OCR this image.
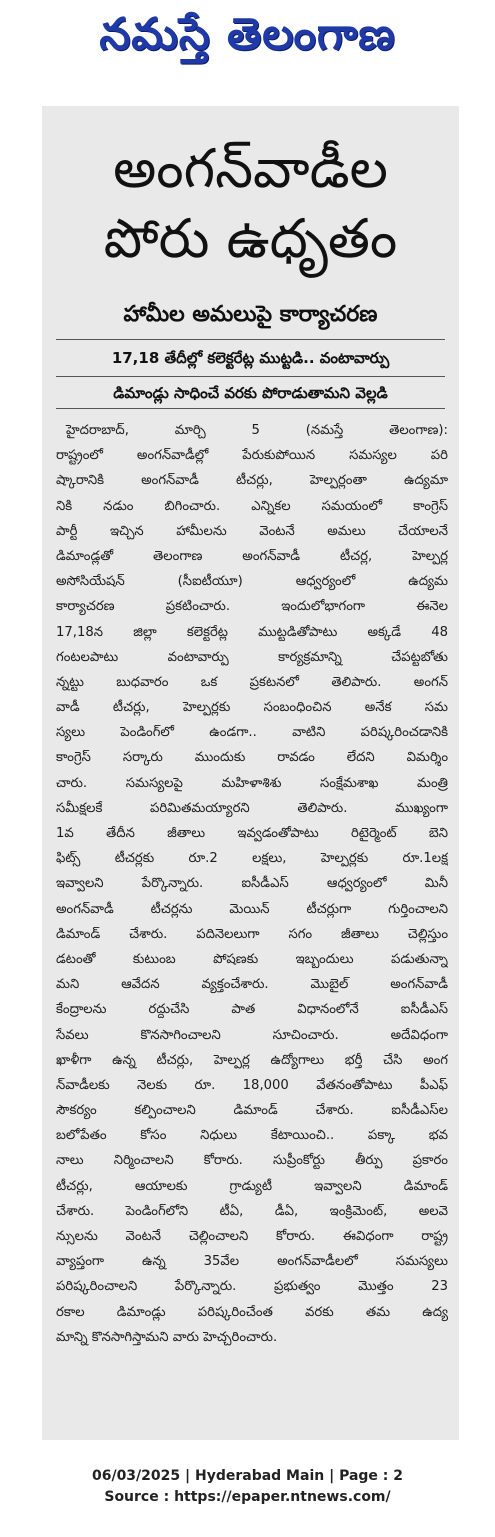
నమస్తే తెలంగాణ
అంగన్‌వాడీల
పోరు ఉధృతం
హామీల అమలుపై కార్యాచరణ
17,18 తేదీల్లో కలెక్టరేట్ల ముట్టడి.. వంటావార్పు
డిమాండ్లు సాధించే వరకు పోరాడుతామని వెల్లడి
హైదరాబాద్, మార్చి 5 (నమస్తే తెలంగాణ):
రాష్ట్రంలో అంగన్‌వాడీల్లో పేరుకుపోయిన సమస్యల పరి
ష్కారానికి అంగన్‌వాడీ టీచర్లు, హెల్పర్లంతా ఉద్యమా
నికి నడుం బిగించారు. ఎన్నికల సమయంలో కాంగ్రెస్
పార్టీ ఇచ్చిన హామీలను వెంటనే అమలు చేయాలనే
డిమాండ్లతో తెలంగాణ అంగన్‌వాడీ టీచర్ల, హెల్పర్ల
అసోసియేషన్ (సీఐటీయూ) ఆధ్వర్యంలో ఉద్యమ
కార్యాచరణ ప్రకటించారు. ఇందులోభాగంగా ఈనెల
17,18న జిల్లా కలెక్టరేట్ల ముట్టడితోపాటు అక్కడే 48
గంటలపాటు వంటావార్పు కార్యక్రమాన్ని చేపట్టబోతు
న్నట్టు బుధవారం ఒక ప్రకటనలో తెలిపారు. అంగన్
వాడీ టీచర్లు, హెల్పర్లకు సంబంధించిన అనేక సమ
స్యలు పెండింగ్‌లో ఉండగా.. వాటిని పరిష్కరించడానికి
కాంగ్రెస్ సర్కారు ముందుకు రావడం లేదని విమర్శిం
చారు. సమస్యలపై మహిళాశిశు సంక్షేమశాఖ మంత్రి
సమీక్షలకే పరిమితమయ్యారని తెలిపారు. ముఖ్యంగా
1వ తేదీన జీతాలు ఇవ్వడంతోపాటు రిటైర్మెంట్ బెని
ఫిట్స్ టీచర్లకు రూ.2 లక్షలు, హెల్పర్లకు రూ.1లక్ష
ఇవ్వాలని పేర్కొన్నారు. ఐసీడీఎస్ ఆధ్వర్యంలో మినీ
అంగన్‌వాడీ టీచర్లను మెయిన్ టీచర్లుగా గుర్తించాలని
డిమాండ్ చేశారు. పదినెలలుగా సగం జీతాలు చెల్లిస్తుం
డటంతో కుటుంబ పోషణకు ఇబ్బందులు పడుతున్నా
మని ఆవేదన వ్యక్తంచేశారు. మొబైల్ అంగన్‌వాడీ
కేంద్రాలను రద్దుచేసి పాత విధానంలోనే ఐసీడీఎస్
సేవలు కొనసాగించాలని సూచించారు. అదేవిధంగా
ఖాళీగా ఉన్న టీచర్లు, హెల్పర్ల ఉద్యోగాలు భర్తీ చేసి అంగ
న్‌వాడీలకు నెలకు రూ. 18,000 వేతనంతోపాటు పీఎఫ్
సౌకర్యం కల్పించాలని డిమాండ్ చేశారు. ఐసీడీఎస్‌ల
బలోపేతం కోసం నిధులు కేటాయించి.. పక్కా భవ
నాలు నిర్మించాలని కోరారు. సుప్రీంకోర్టు తీర్పు ప్రకారం
టీచర్లు, ఆయాలకు గ్రాడ్యుటీ ఇవ్వాలని డిమాండ్
చేశారు. పెండింగ్‌లోని టీఏ, డీఏ, ఇంక్రిమెంట్, అలవె
న్సులను వెంటనే చెల్లించాలని కోరారు. ఈవిధంగా రాష్ట్ర
వ్యాప్తంగా ఉన్న 35వేల అంగన్‌వాడీలలో సమస్యలు
పరిష్కరించాలని పేర్కొన్నారు. ప్రభుత్వం మొత్తం 23
రకాల డిమాండ్లు పరిష్కరించేంత వరకు తమ ఉద్య
మాన్ని కొనసాగిస్తామని వారు హెచ్చరించారు.
06/03/2025 | Hyderabad Main | Page : 2
Source : https://epaper.ntnews.com/
